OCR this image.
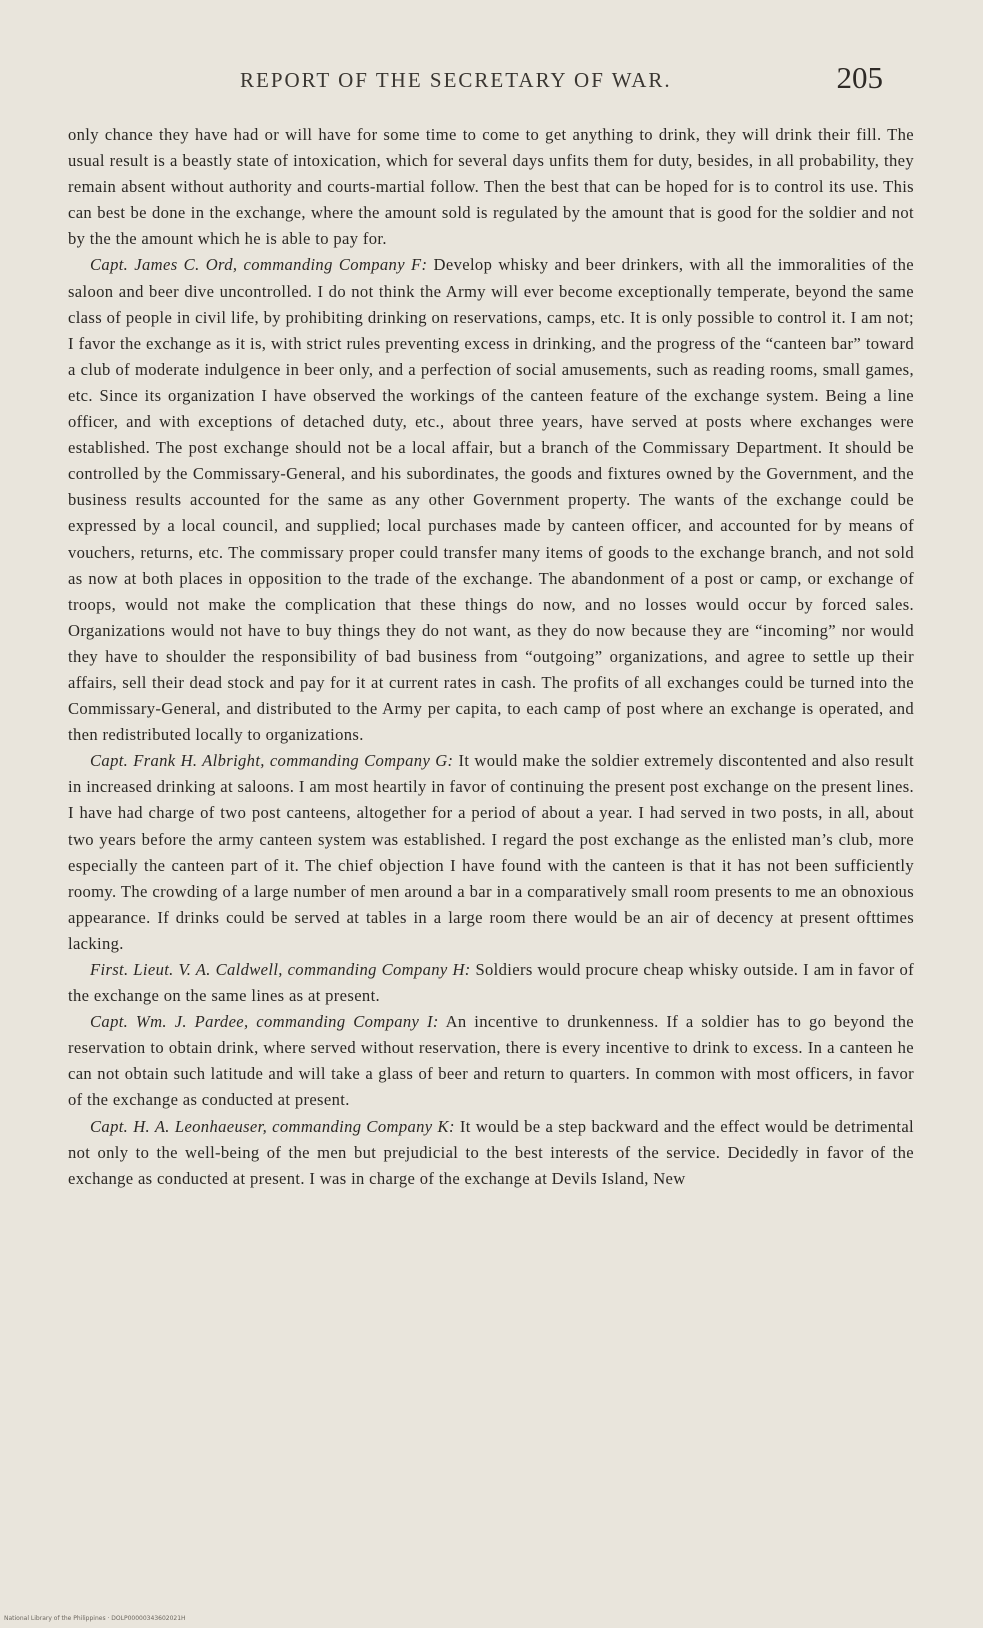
REPORT OF THE SECRETARY OF WAR.	205

only chance they have had or will have for some time to come to get anything to drink, they will drink their fill. The usual result is a beastly state of intoxication, which for several days unfits them for duty, besides, in all probability, they remain absent without authority and courts-martial follow. Then the best that can be hoped for is to control its use. This can best be done in the exchange, where the amount sold is regulated by the amount that is good for the soldier and not by the the amount which he is able to pay for.

Capt. James C. Ord, commanding Company F: Develop whisky and beer drinkers, with all the immoralities of the saloon and beer dive uncontrolled. I do not think the Army will ever become exceptionally temperate, beyond the same class of people in civil life, by prohibiting drinking on reservations, camps, etc. It is only possible to control it. I am not; I favor the exchange as it is, with strict rules preventing excess in drinking, and the progress of the “canteen bar” toward a club of moderate indulgence in beer only, and a perfection of social amusements, such as reading rooms, small games, etc. Since its organization I have observed the workings of the canteen feature of the exchange system. Being a line officer, and with exceptions of detached duty, etc., about three years, have served at posts where exchanges were established. The post exchange should not be a local affair, but a branch of the Commissary Department. It should be controlled by the Commissary-General, and his subordinates, the goods and fixtures owned by the Government, and the business results accounted for the same as any other Government property. The wants of the exchange could be expressed by a local council, and supplied; local purchases made by canteen officer, and accounted for by means of vouchers, returns, etc. The commissary proper could transfer many items of goods to the exchange branch, and not sold as now at both places in opposition to the trade of the exchange. The abandonment of a post or camp, or exchange of troops, would not make the complication that these things do now, and no losses would occur by forced sales. Organizations would not have to buy things they do not want, as they do now because they are “incoming” nor would they have to shoulder the responsibility of bad business from “outgoing” organizations, and agree to settle up their affairs, sell their dead stock and pay for it at current rates in cash. The profits of all exchanges could be turned into the Commissary-General, and distributed to the Army per capita, to each camp of post where an exchange is operated, and then redistributed locally to organizations.

Capt. Frank H. Albright, commanding Company G: It would make the soldier extremely discontented and also result in increased drinking at saloons. I am most heartily in favor of continuing the present post exchange on the present lines. I have had charge of two post canteens, altogether for a period of about a year. I had served in two posts, in all, about two years before the army canteen system was established. I regard the post exchange as the enlisted man’s club, more especially the canteen part of it. The chief objection I have found with the canteen is that it has not been sufficiently roomy. The crowding of a large number of men around a bar in a comparatively small room presents to me an obnoxious appearance. If drinks could be served at tables in a large room there would be an air of decency at present ofttimes lacking.

First. Lieut. V. A. Caldwell, commanding Company H: Soldiers would procure cheap whisky outside. I am in favor of the exchange on the same lines as at present.

Capt. Wm. J. Pardee, commanding Company I: An incentive to drunkenness. If a soldier has to go beyond the reservation to obtain drink, where served without reservation, there is every incentive to drink to excess. In a canteen he can not obtain such latitude and will take a glass of beer and return to quarters. In common with most officers, in favor of the exchange as conducted at present.

Capt. H. A. Leonhaeuser, commanding Company K: It would be a step backward and the effect would be detrimental not only to the well-being of the men but prejudicial to the best interests of the service. Decidedly in favor of the exchange as conducted at present. I was in charge of the exchange at Devils Island, New

National Library of the Philippines · DOLP00000343602021H
